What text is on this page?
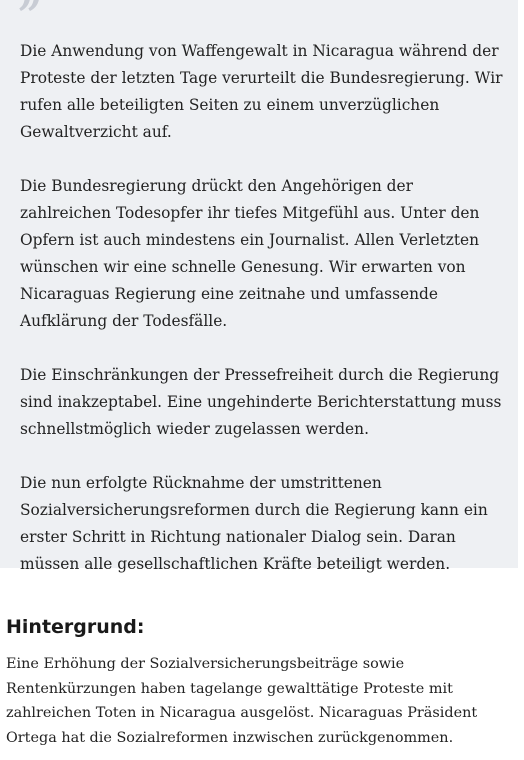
”

Die Anwendung von Waffengewalt in Nicaragua während der Proteste der letzten Tage verurteilt die Bundesregierung. Wir rufen alle beteiligten Seiten zu einem unverzüglichen Gewaltverzicht auf.

Die Bundesregierung drückt den Angehörigen der zahlreichen Todesopfer ihr tiefes Mitgefühl aus. Unter den Opfern ist auch mindestens ein Journalist. Allen Verletzten wünschen wir eine schnelle Genesung. Wir erwarten von Nicaraguas Regierung eine zeitnahe und umfassende Aufklärung der Todesfälle.

Die Einschränkungen der Pressefreiheit durch die Regierung sind inakzeptabel. Eine ungehinderte Berichterstattung muss schnellstmöglich wieder zugelassen werden.

Die nun erfolgte Rücknahme der umstrittenen Sozialversicherungsreformen durch die Regierung kann ein erster Schritt in Richtung nationaler Dialog sein. Daran müssen alle gesellschaftlichen Kräfte beteiligt werden.

Hintergrund:

Eine Erhöhung der Sozialversicherungsbeiträge sowie Rentenkürzungen haben tagelange gewalttätige Proteste mit zahlreichen Toten in Nicaragua ausgelöst. Nicaraguas Präsident Ortega hat die Sozialreformen inzwischen zurückgenommen.
